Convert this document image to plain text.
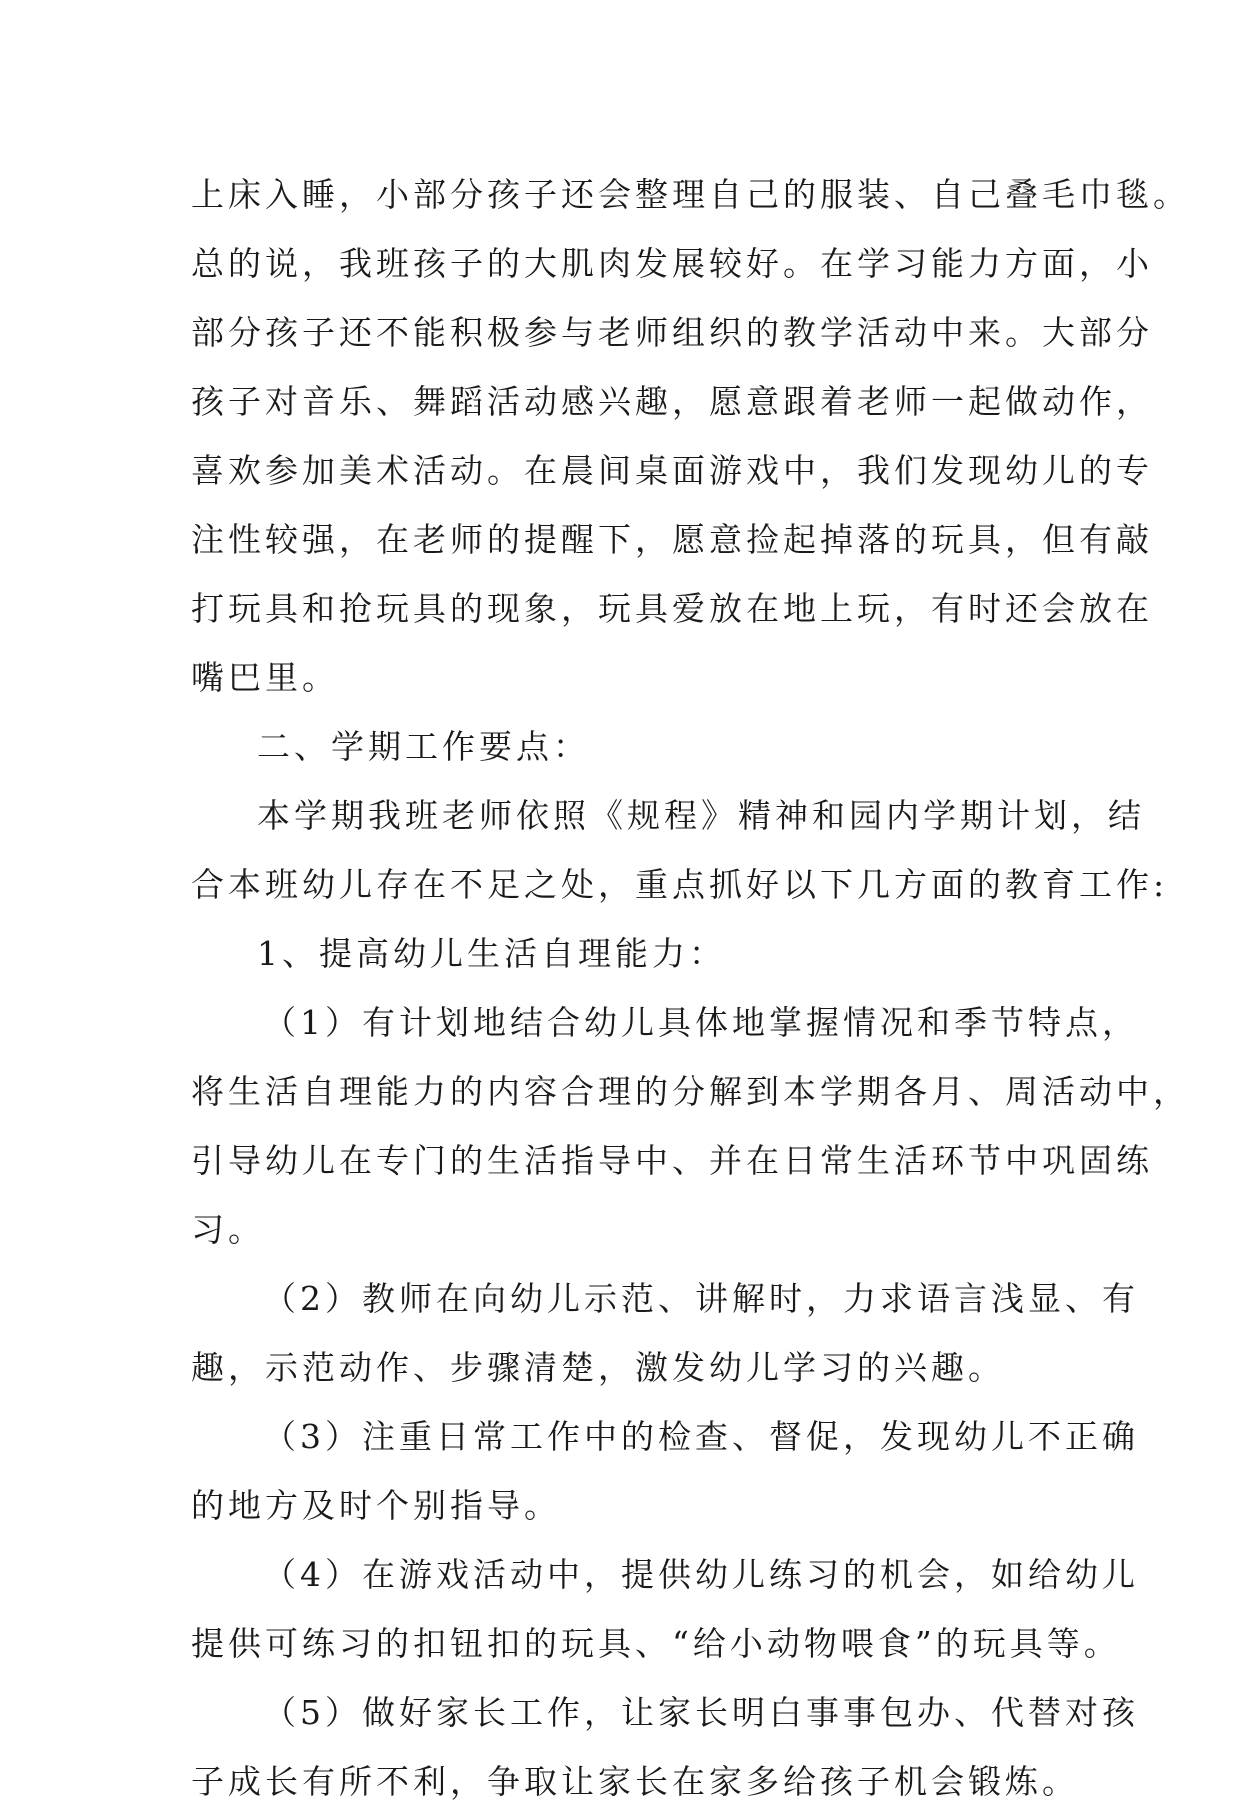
上床入睡，小部分孩子还会整理自己的服装、自己叠毛巾毯。
总的说，我班孩子的大肌肉发展较好。在学习能力方面，小
部分孩子还不能积极参与老师组织的教学活动中来。大部分
孩子对音乐、舞蹈活动感兴趣，愿意跟着老师一起做动作，
喜欢参加美术活动。在晨间桌面游戏中，我们发现幼儿的专
注性较强，在老师的提醒下，愿意捡起掉落的玩具，但有敲
打玩具和抢玩具的现象，玩具爱放在地上玩，有时还会放在
嘴巴里。
二、学期工作要点：
本学期我班老师依照《规程》精神和园内学期计划，结
合本班幼儿存在不足之处，重点抓好以下几方面的教育工作:
1、提高幼儿生活自理能力：
（1）有计划地结合幼儿具体地掌握情况和季节特点，
将生活自理能力的内容合理的分解到本学期各月、周活动中，
引导幼儿在专门的生活指导中、并在日常生活环节中巩固练
习。
（2）教师在向幼儿示范、讲解时，力求语言浅显、有
趣，示范动作、步骤清楚，激发幼儿学习的兴趣。
（3）注重日常工作中的检查、督促，发现幼儿不正确
的地方及时个别指导。
（4）在游戏活动中，提供幼儿练习的机会，如给幼儿
提供可练习的扣钮扣的玩具、“给小动物喂食”的玩具等。
（5）做好家长工作，让家长明白事事包办、代替对孩
子成长有所不利，争取让家长在家多给孩子机会锻炼。
